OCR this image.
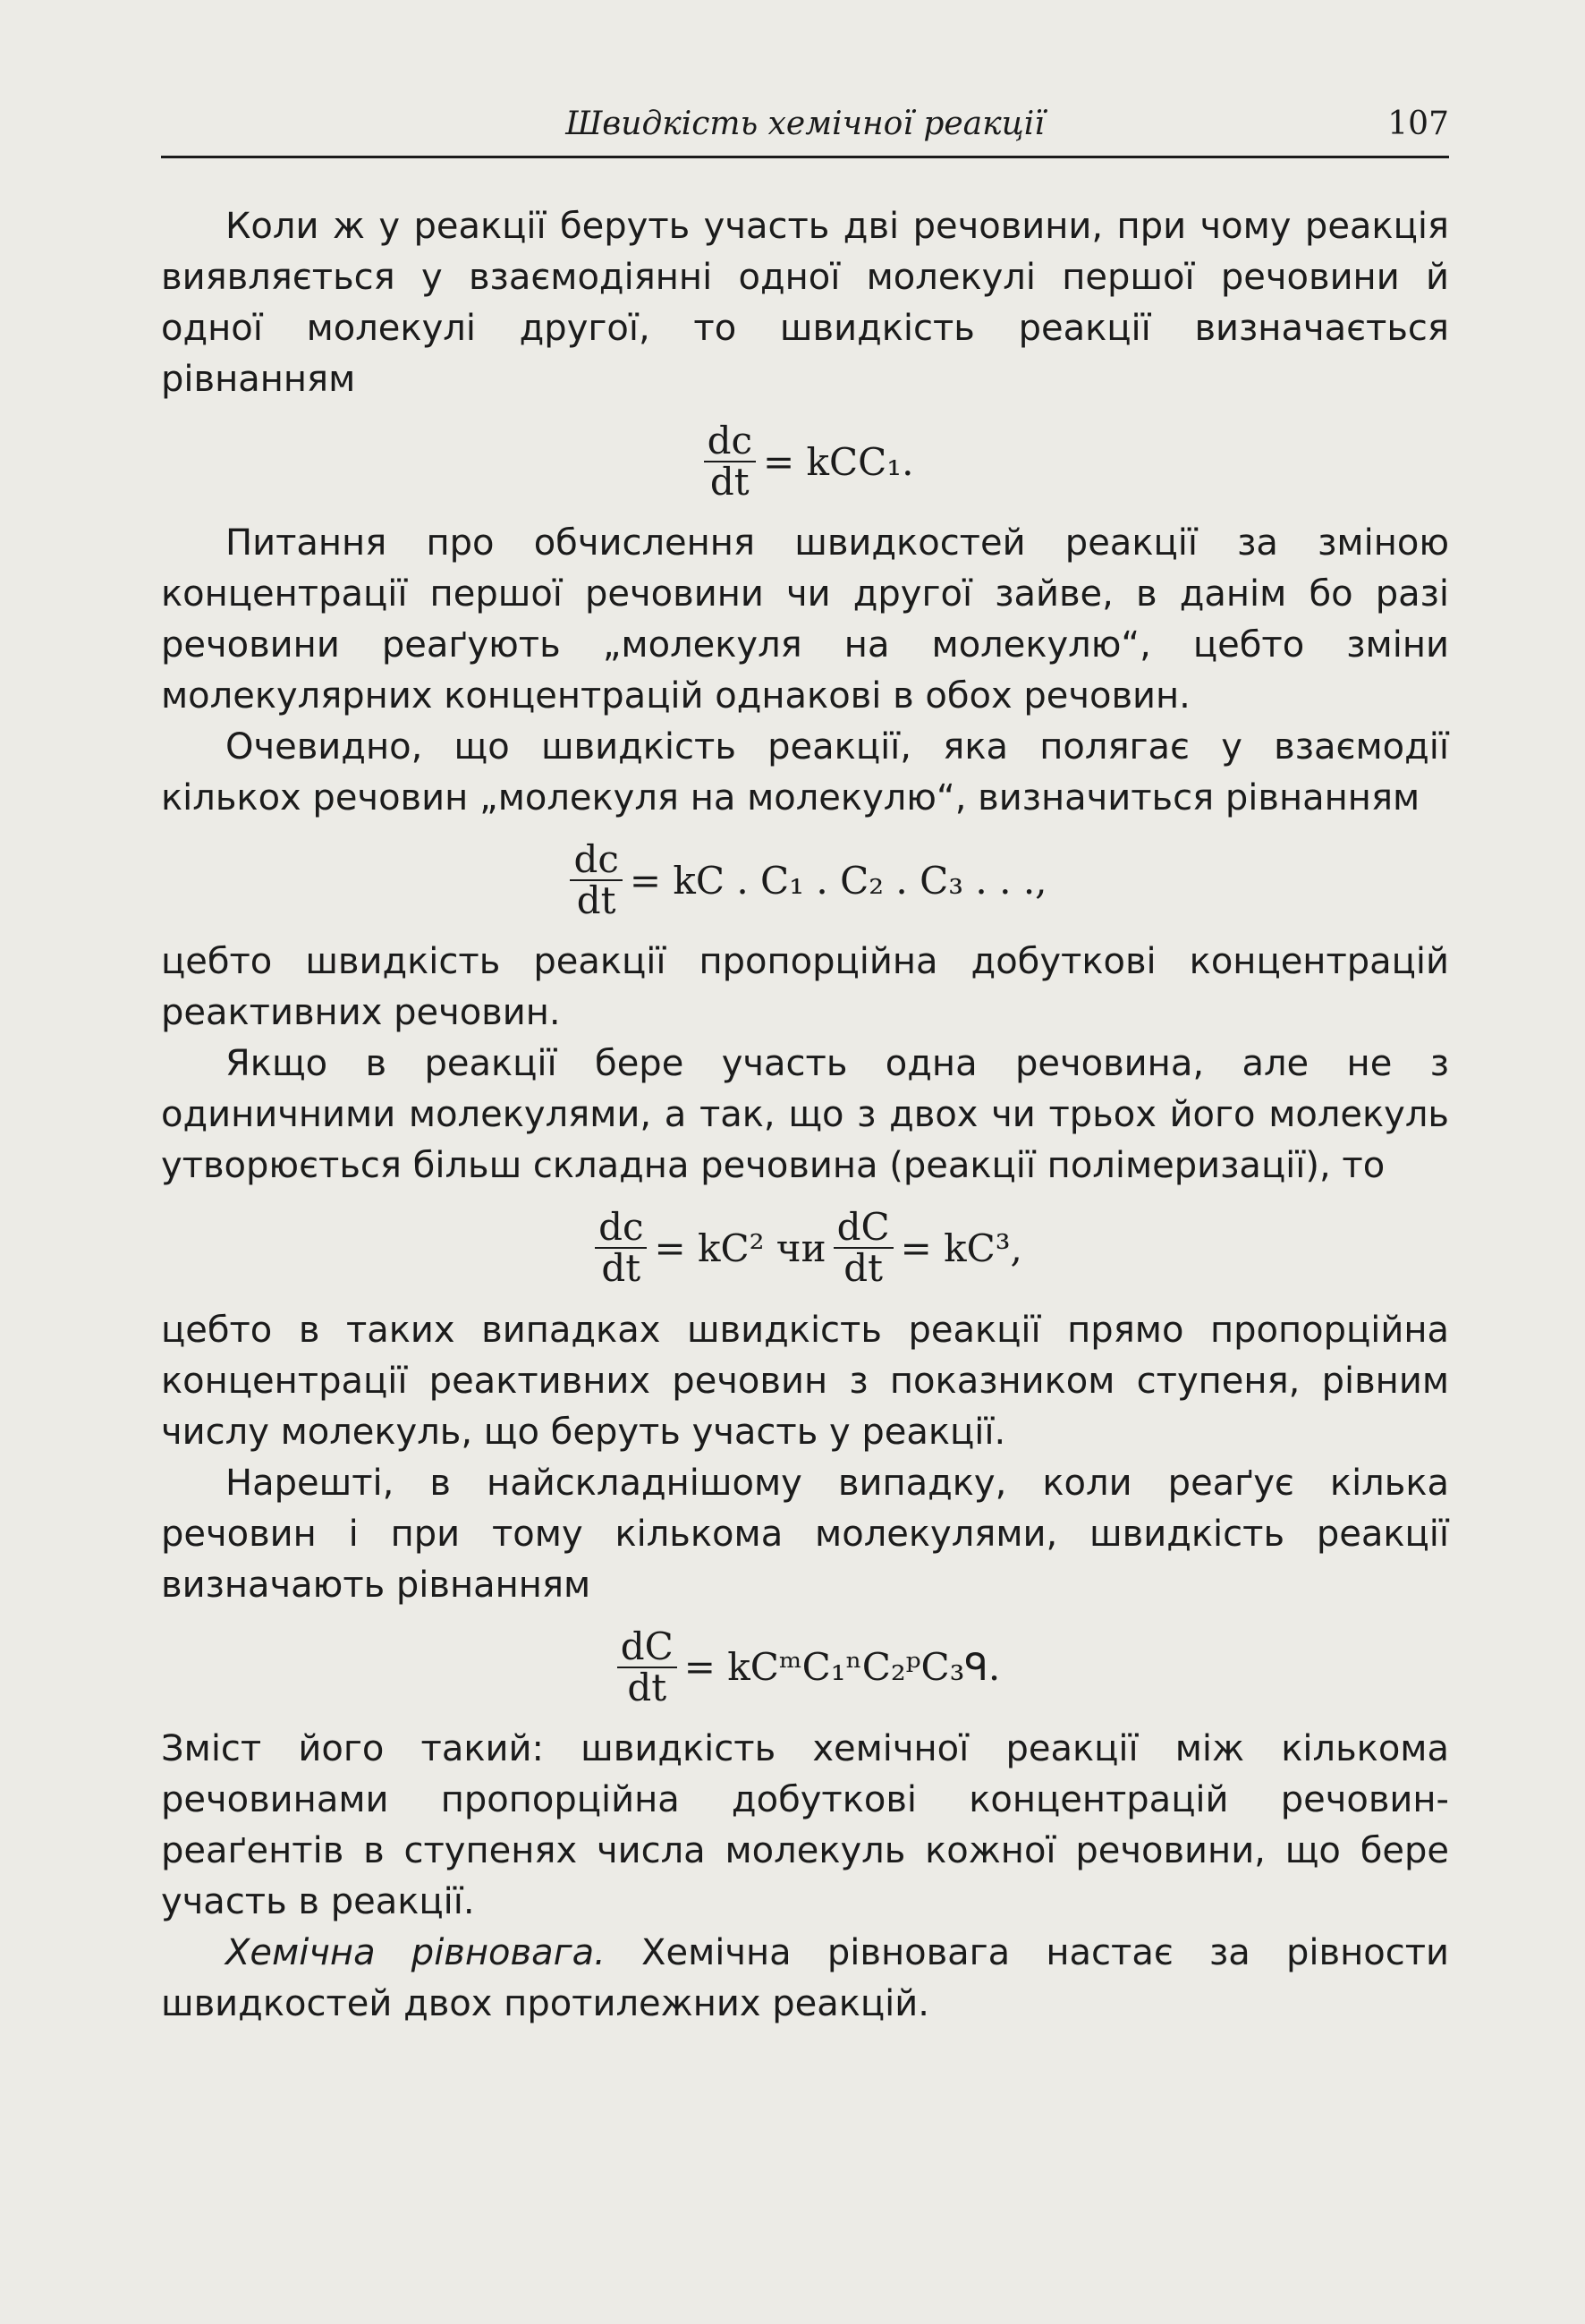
Швидкість хемічної реакції	107

Коли ж у реакції беруть участь дві речовини, при чому реакція виявляється у взаємодіянні одної молекулі першої речовини й одної молекулі другої, то швидкість реакції визначається рівнанням

$\frac{dc}{dt} = kCC_1$.

Питання про обчислення швидкостей реакції за зміною концентрації першої речовини чи другої зайве, в данім бо разі речовини реаґують „молекуля на молекулю“, цебто зміни молекулярних концентрацій однакові в обох речовин.

Очевидно, що швидкість реакції, яка полягає у взаємодії кількох речовин „молекуля на молекулю“, визначиться рівнанням

$\frac{dc}{dt}$ = kC . C₁ . C₂ . C₃ . . .,

цебто швидкість реакції пропорційна добуткові концентрацій реактивних речовин.

Якщо в реакції бере участь одна речовина, але не з одиничними молекулями, а так, що з двох чи трьох його молекуль утворюється більш складна речовина (реакції полімеризації), то

$\frac{dc}{dt} = kC^2$ чи $\frac{dC}{dt} = kC^3$,

цебто в таких випадках швидкість реакції прямо пропорційна концентрації реактивних речовин з показником ступеня, рівним числу молекуль, що беруть участь у реакції.

Нарешті, в найскладнішому випадку, коли реаґує кілька речовин і при тому кількома молекулями, швидкість реакції визначають рівнанням

$\frac{dC}{dt}$ = kCᵐC₁ⁿC₂ᵖC₃ᑫ.

Зміст його такий: швидкість хемічної реакції між кількома речовинами пропорційна добуткові концентрацій речовин-реаґентів в ступенях числа молекуль кожної речовини, що бере участь в реакції.

Хемічна рівновага. Хемічна рівновага настає за рівности швидкостей двох протилежних реакцій.
